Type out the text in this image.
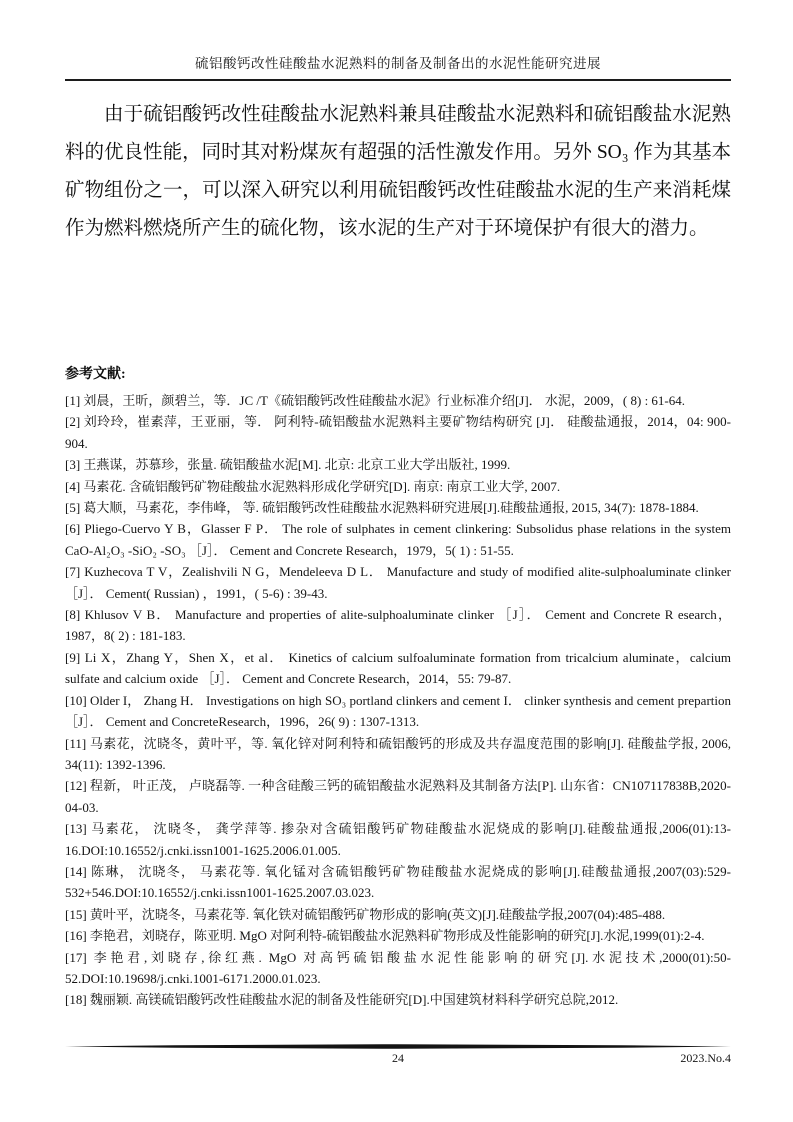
硫铝酸钙改性硅酸盐水泥熟料的制备及制备出的水泥性能研究进展

由于硫铝酸钙改性硅酸盐水泥熟料兼具硅酸盐水泥熟料和硫铝酸盐水泥熟料的优良性能，同时其对粉煤灰有超强的活性激发作用。另外 SO₃ 作为其基本矿物组份之一，可以深入研究以利用硫铝酸钙改性硅酸盐水泥的生产来消耗煤作为燃料燃烧所产生的硫化物，该水泥的生产对于环境保护有很大的潜力。

参考文献:

[1] 刘晨，王昕，颜碧兰，等．JC /T《硫铝酸钙改性硅酸盐水泥》行业标准介绍[J]． 水泥，2009，( 8) : 61-64.

[2] 刘玲玲，崔素萍，王亚丽，等． 阿利特-硫铝酸盐水泥熟料主要矿物结构研究 [J]． 硅酸盐通报，2014，04: 900-904.

[3] 王燕谋，苏慕珍，张量. 硫铝酸盐水泥[M]. 北京: 北京工业大学出版社, 1999.

[4] 马素花. 含硫铝酸钙矿物硅酸盐水泥熟料形成化学研究[D]. 南京: 南京工业大学, 2007.

[5] 葛大顺，马素花，李伟峰， 等. 硫铝酸钙改性硅酸盐水泥熟料研究进展[J].硅酸盐通报, 2015, 34(7): 1878-1884.

[6] Pliego-Cuervo Y B，Glasser F P． The role of sulphates in cement clinkering: Subsolidus phase relations in the system CaO-Al₂O₃ -SiO₂ -SO₃ ［J］． Cement and Concrete Research，1979，5( 1) : 51-55.

[7] Kuzhecova T V，Zealishvili N G，Mendeleeva D L． Manufacture and study of modified alite-sulphoaluminate clinker ［J］． Cement( Russian) ，1991，( 5-6) : 39-43.

[8] Khlusov V B． Manufacture and properties of alite-sulphoaluminate clinker ［J］． Cement and Concrete R esearch，1987，8( 2) : 181-183.

[9] Li X，Zhang Y，Shen X，et al． Kinetics of calcium sulfoaluminate formation from tricalcium aluminate，calcium sulfate and calcium oxide ［J］． Cement and Concrete Research，2014，55: 79-87.

[10] Older I， Zhang H． Investigations on high SO₃ portland clinkers and cement I． clinker synthesis and cement prepartion ［J］． Cement and ConcreteResearch，1996，26( 9) : 1307-1313.

[11] 马素花，沈晓冬，黄叶平，等. 氧化锌对阿利特和硫铝酸钙的形成及共存温度范围的影响[J]. 硅酸盐学报, 2006, 34(11): 1392-1396.

[12] 程新， 叶正茂， 卢晓磊等. 一种含硅酸三钙的硫铝酸盐水泥熟料及其制备方法[P]. 山东省：CN107117838B,2020-04-03.

[13] 马素花， 沈晓冬， 龚学萍等. 掺杂对含硫铝酸钙矿物硅酸盐水泥烧成的影响[J].硅酸盐通报,2006(01):13-16.DOI:10.16552/j.cnki.issn1001-1625.2006.01.005.

[14] 陈琳， 沈晓冬， 马素花等. 氧化锰对含硫铝酸钙矿物硅酸盐水泥烧成的影响[J].硅酸盐通报,2007(03):529-532+546.DOI:10.16552/j.cnki.issn1001-1625.2007.03.023.

[15] 黄叶平，沈晓冬，马素花等. 氧化铁对硫铝酸钙矿物形成的影响(英文)[J].硅酸盐学报,2007(04):485-488.

[16] 李艳君，刘晓存，陈亚明. MgO 对阿利特-硫铝酸盐水泥熟料矿物形成及性能影响的研究[J].水泥,1999(01):2-4.

[17] 李艳君,刘晓存,徐红燕. MgO 对高钙硫铝酸盐水泥性能影响的研究[J].水泥技术,2000(01):50-52.DOI:10.19698/j.cnki.1001-6171.2000.01.023.

[18] 魏丽颖. 高镁硫铝酸钙改性硅酸盐水泥的制备及性能研究[D].中国建筑材料科学研究总院,2012.

24	2023.No.4
